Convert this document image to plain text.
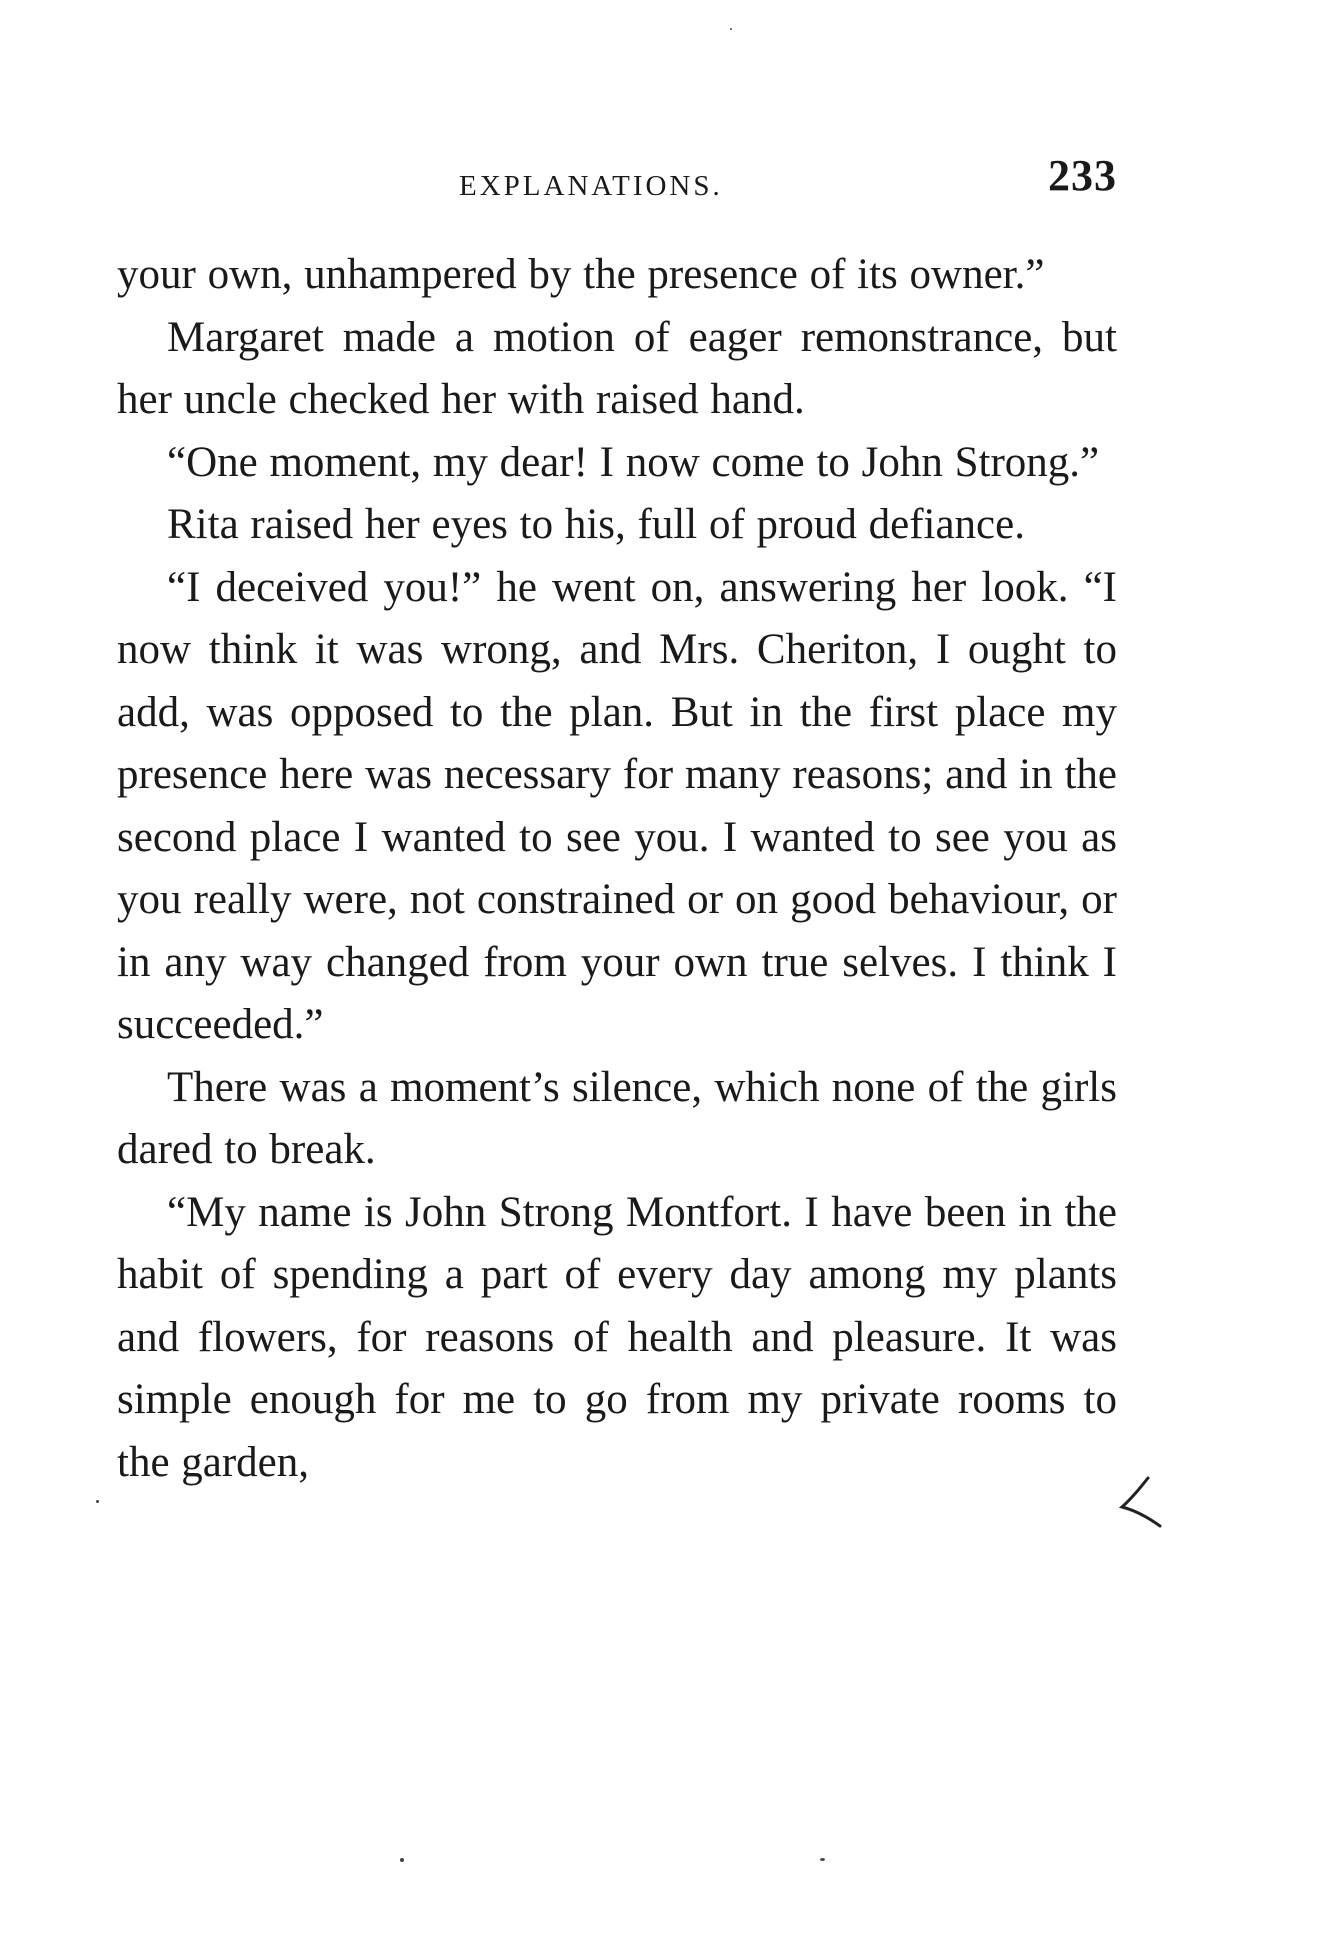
EXPLANATIONS.	233

your own, unhampered by the presence of its owner.”

Margaret made a motion of eager remonstrance, but her uncle checked her with raised hand.

“One moment, my dear! I now come to John Strong.”

Rita raised her eyes to his, full of proud defiance.

“I deceived you!” he went on, answering her look. “I now think it was wrong, and Mrs. Cheriton, I ought to add, was opposed to the plan. But in the first place my presence here was necessary for many reasons; and in the second place I wanted to see you. I wanted to see you as you really were, not constrained or on good behaviour, or in any way changed from your own true selves. I think I succeeded.”

There was a moment’s silence, which none of the girls dared to break.

“My name is John Strong Montfort. I have been in the habit of spending a part of every day among my plants and flowers, for reasons of health and pleasure. It was simple enough for me to go from my private rooms to the garden,
